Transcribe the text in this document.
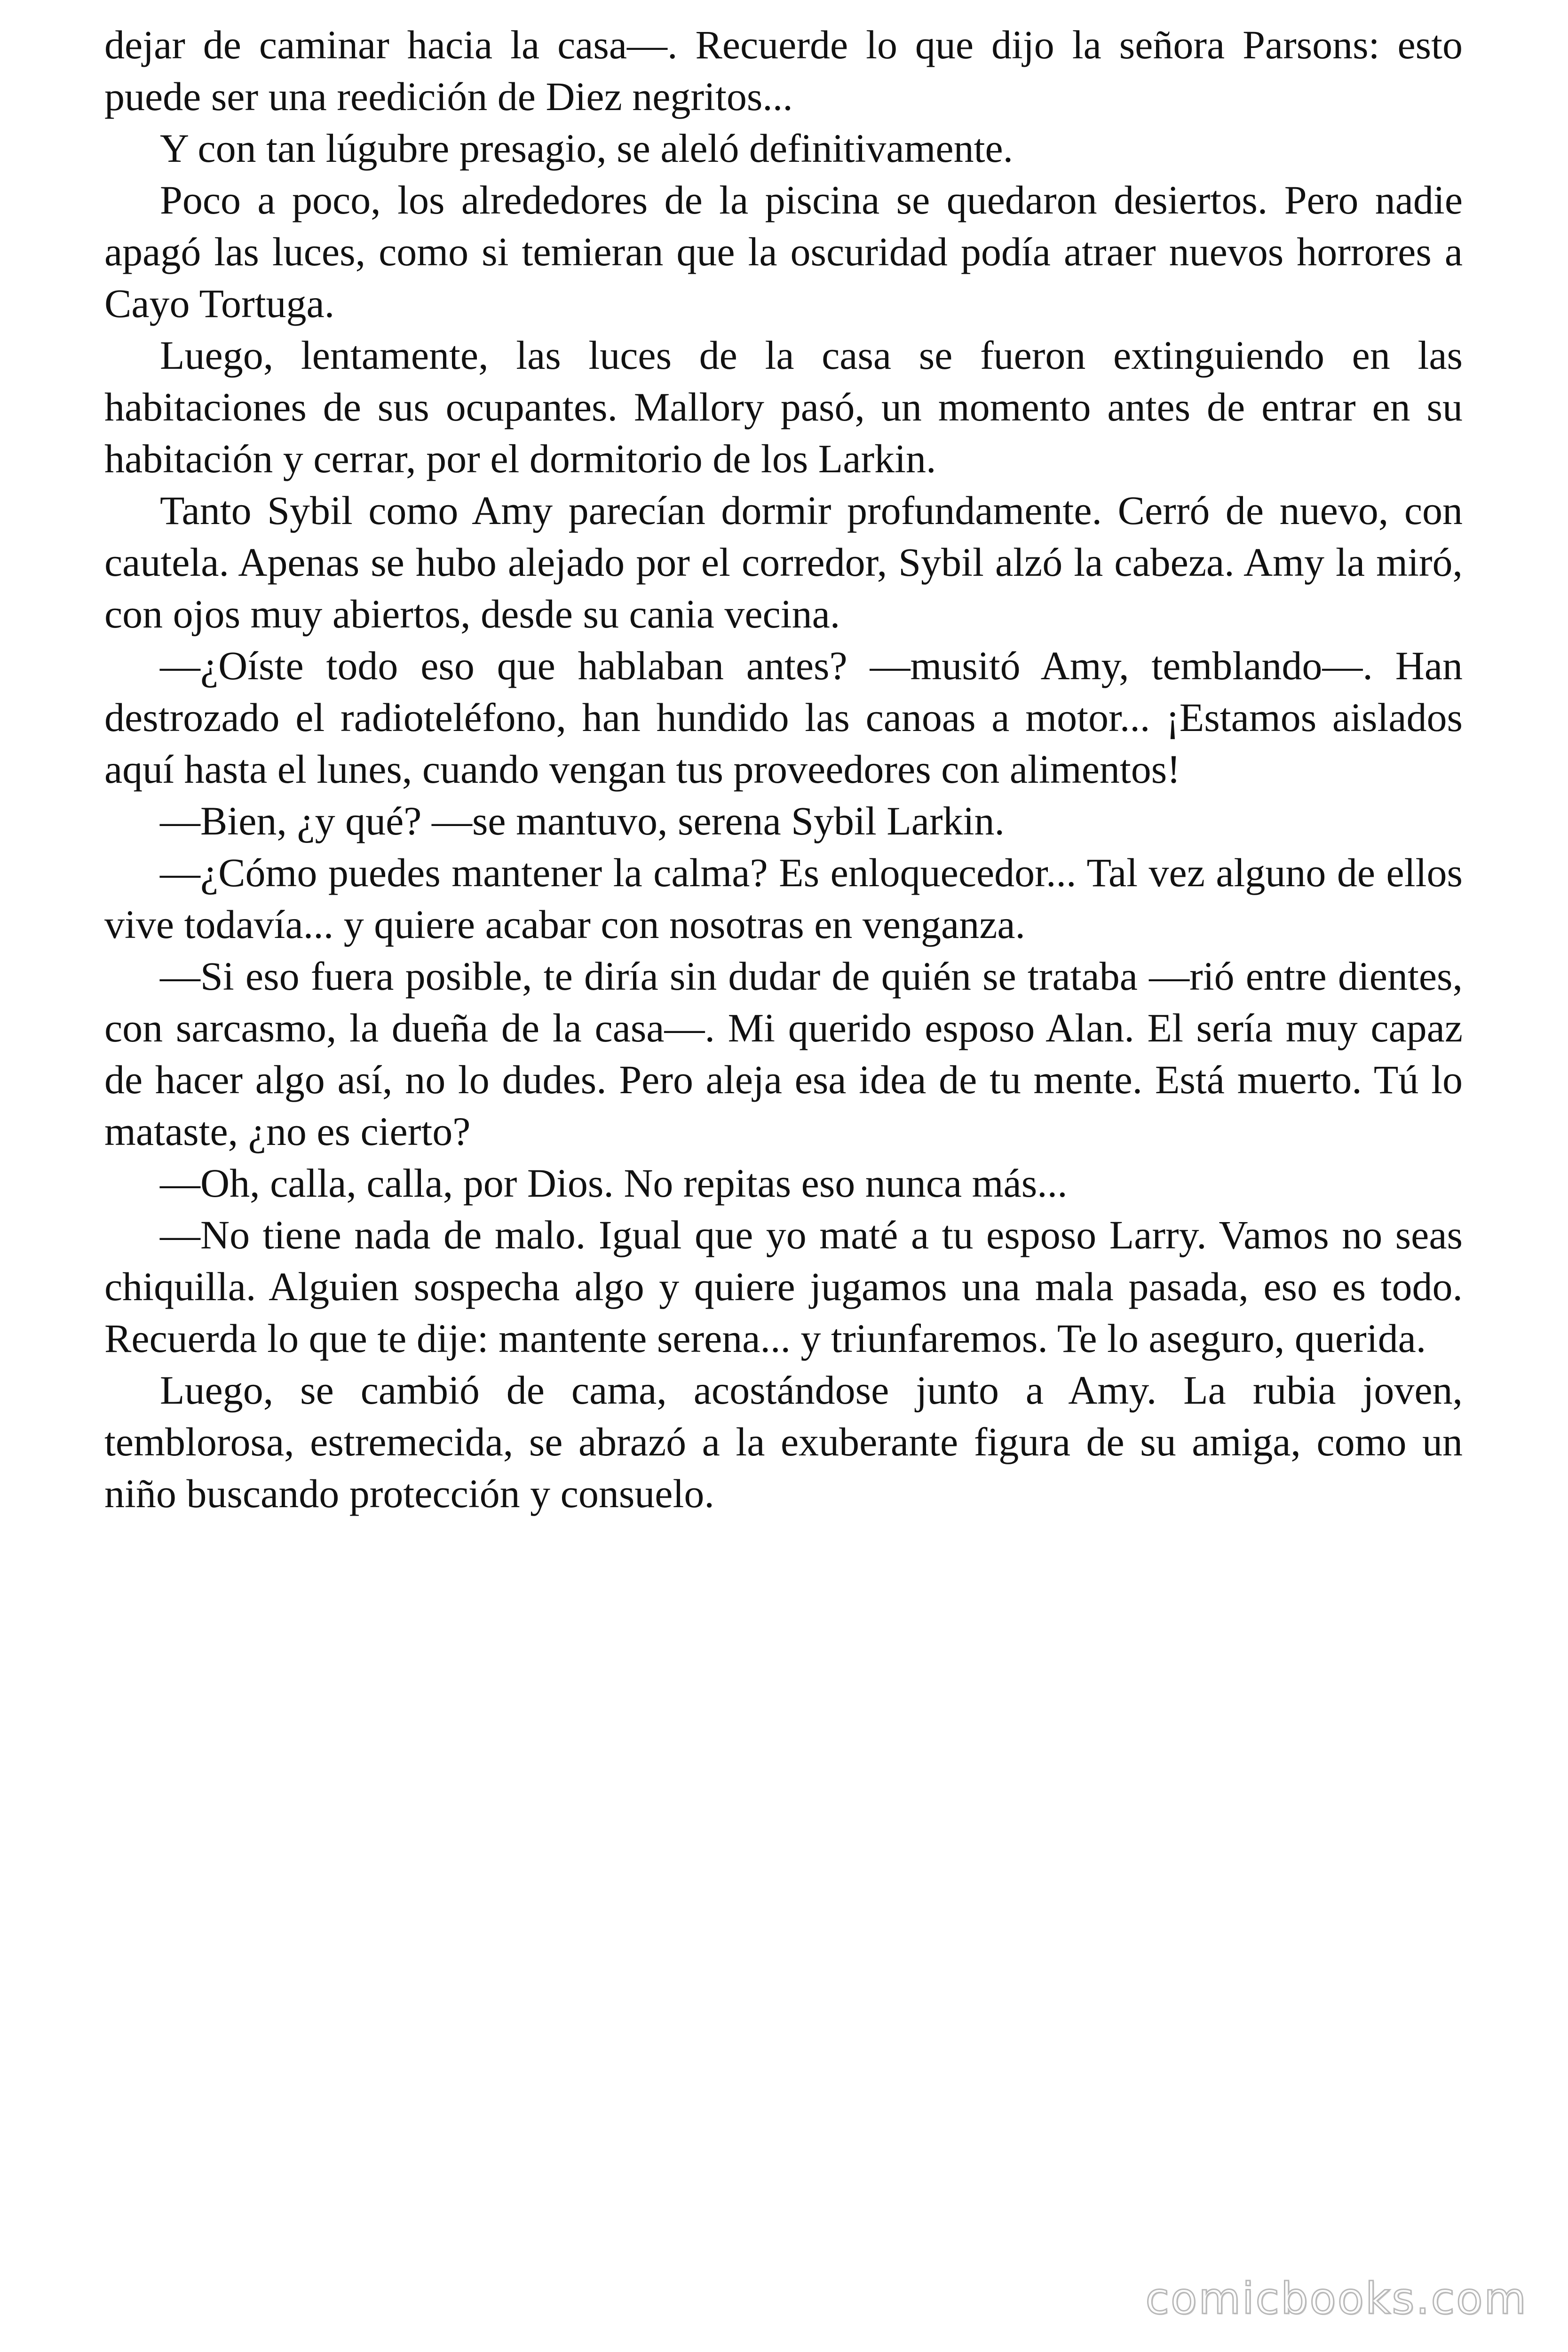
dejar de caminar hacia la casa—. Recuerde lo que dijo la señora Parsons: esto puede ser una reedición de Diez negritos...

Y con tan lúgubre presagio, se aleló definitivamente.

Poco a poco, los alrededores de la piscina se quedaron desiertos. Pero nadie apagó las luces, como si temieran que la oscuridad podía atraer nuevos horrores a Cayo Tortuga.

Luego, lentamente, las luces de la casa se fueron extinguiendo en las habitaciones de sus ocupantes. Mallory pasó, un momento antes de entrar en su habitación y cerrar, por el dormitorio de los Larkin.

Tanto Sybil como Amy parecían dormir profundamente. Cerró de nuevo, con cautela. Apenas se hubo alejado por el corredor, Sybil alzó la cabeza. Amy la miró, con ojos muy abiertos, desde su cania vecina.

—¿Oíste todo eso que hablaban antes? —musitó Amy, temblando—. Han destrozado el radioteléfono, han hundido las canoas a motor... ¡Estamos aislados aquí hasta el lunes, cuando vengan tus proveedores con alimentos!

—Bien, ¿y qué? —se mantuvo, serena Sybil Larkin.

—¿Cómo puedes mantener la calma? Es enloquecedor... Tal vez alguno de ellos vive todavía... y quiere acabar con nosotras en venganza.

—Si eso fuera posible, te diría sin dudar de quién se trataba —rió entre dientes, con sarcasmo, la dueña de la casa—. Mi querido esposo Alan. El sería muy capaz de hacer algo así, no lo dudes. Pero aleja esa idea de tu mente. Está muerto. Tú lo mataste, ¿no es cierto?

—Oh, calla, calla, por Dios. No repitas eso nunca más...

—No tiene nada de malo. Igual que yo maté a tu esposo Larry. Vamos no seas chiquilla. Alguien sospecha algo y quiere jugamos una mala pasada, eso es todo. Recuerda lo que te dije: mantente serena... y triunfaremos. Te lo aseguro, querida.

Luego, se cambió de cama, acostándose junto a Amy. La rubia joven, temblorosa, estremecida, se abrazó a la exuberante figura de su amiga, como un niño buscando protección y consuelo.

comicbooks.com
